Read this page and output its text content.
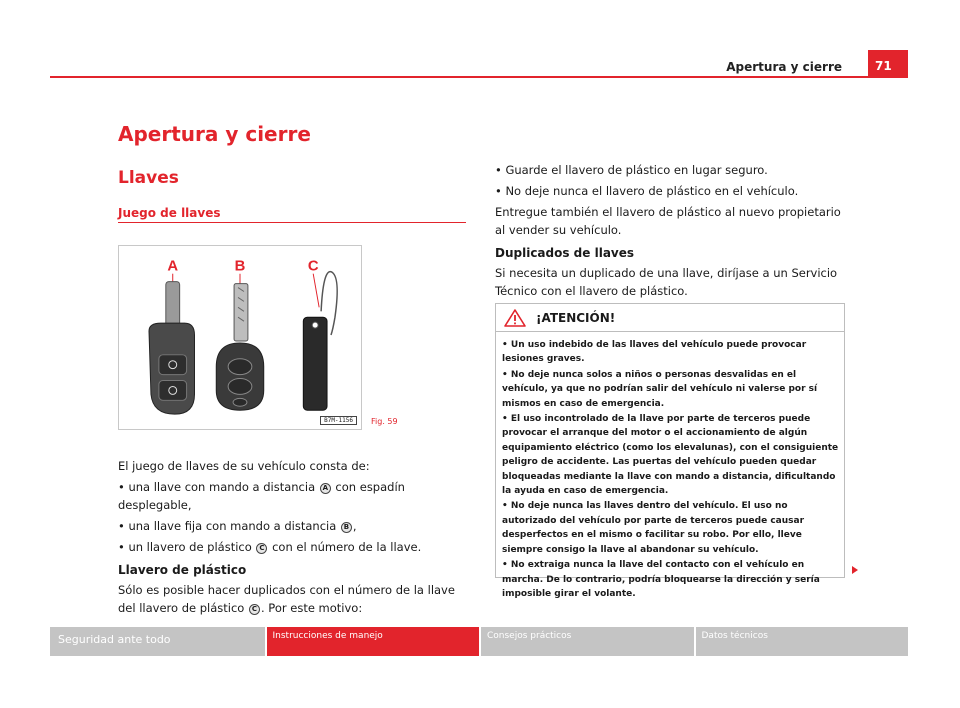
Apertura y cierre	71
Apertura y cierre
Llaves
Juego de llaves
A	B	C
B7M-1156	Fig. 59
El juego de llaves de su vehículo consta de:
• una llave con mando a distancia A con espadín desplegable,
• una llave fija con mando a distancia B ,
• un llavero de plástico C con el número de la llave.
Llavero de plástico
Sólo es posible hacer duplicados con el número de la llave del llavero de plástico C . Por este motivo:
• Guarde el llavero de plástico en lugar seguro.
• No deje nunca el llavero de plástico en el vehículo.
Entregue también el llavero de plástico al nuevo propietario al vender su vehículo.
Duplicados de llaves
Si necesita un duplicado de una llave, diríjase a un Servicio Técnico con el llavero de plástico.
¡ATENCIÓN!
• Un uso indebido de las llaves del vehículo puede provocar lesiones graves.
• No deje nunca solos a niños o personas desvalidas en el vehículo, ya que no podrían salir del vehículo ni valerse por sí mismos en caso de emergencia.
• El uso incontrolado de la llave por parte de terceros puede provocar el arranque del motor o el accionamiento de algún equipamiento eléctrico (como los elevalunas), con el consiguiente peligro de accidente. Las puertas del vehículo pueden quedar bloqueadas mediante la llave con mando a distancia, dificultando la ayuda en caso de emergencia.
• No deje nunca las llaves dentro del vehículo. El uso no autorizado del vehículo por parte de terceros puede causar desperfectos en el mismo o facilitar su robo. Por ello, lleve siempre consigo la llave al abandonar su vehículo.
• No extraiga nunca la llave del contacto con el vehículo en marcha. De lo contrario, podría bloquearse la dirección y sería imposible girar el volante.
Seguridad ante todo	Instrucciones de manejo	Consejos prácticos	Datos técnicos
